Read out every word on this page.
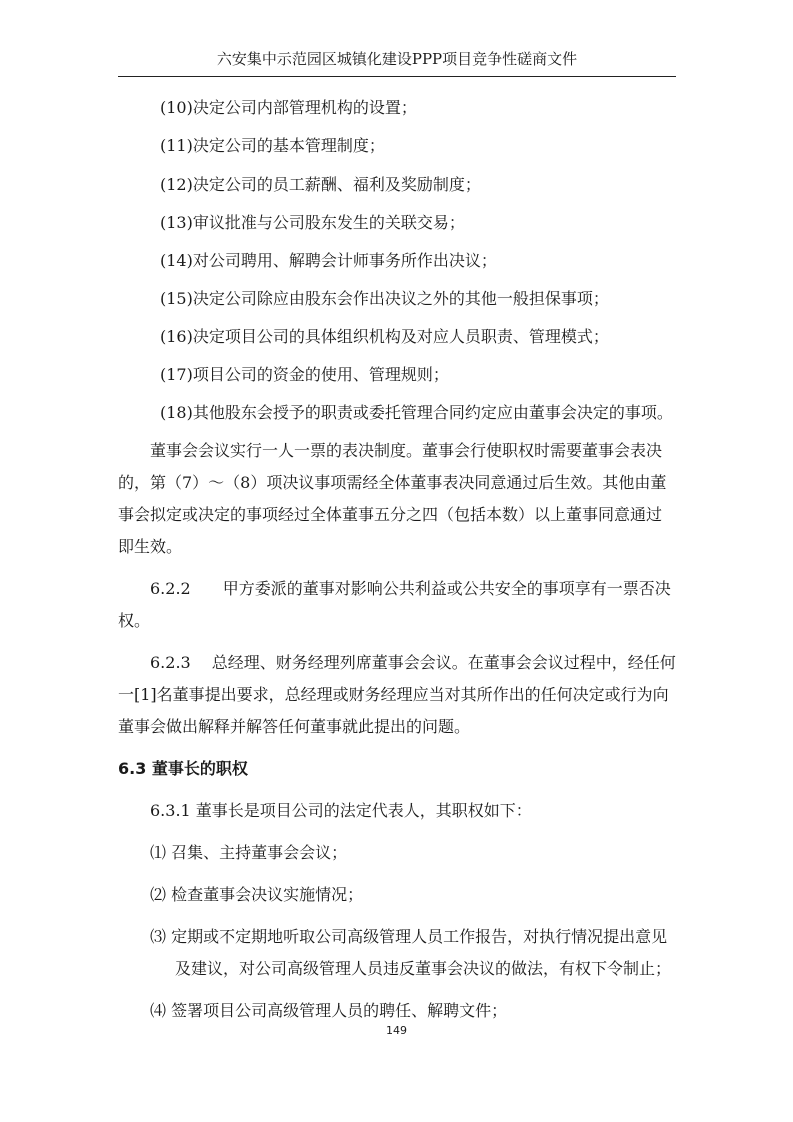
六安集中示范园区城镇化建设PPP项目竞争性磋商文件
(10)决定公司内部管理机构的设置；
(11)决定公司的基本管理制度；
(12)决定公司的员工薪酬、福利及奖励制度；
(13)审议批准与公司股东发生的关联交易；
(14)对公司聘用、解聘会计师事务所作出决议；
(15)决定公司除应由股东会作出决议之外的其他一般担保事项；
(16)决定项目公司的具体组织机构及对应人员职责、管理模式；
(17)项目公司的资金的使用、管理规则；
(18)其他股东会授予的职责或委托管理合同约定应由董事会决定的事项。
董事会会议实行一人一票的表决制度。董事会行使职权时需要董事会表决
的，第（7）～（8）项决议事项需经全体董事表决同意通过后生效。其他由董
事会拟定或决定的事项经过全体董事五分之四（包括本数）以上董事同意通过
即生效。
6.2.2　　甲方委派的董事对影响公共利益或公共安全的事项享有一票否决
权。
6.2.3　 总经理、财务经理列席董事会会议。在董事会会议过程中，经任何
一[1]名董事提出要求，总经理或财务经理应当对其所作出的任何决定或行为向
董事会做出解释并解答任何董事就此提出的问题。
6.3 董事长的职权
6.3.1 董事长是项目公司的法定代表人，其职权如下：
⑴ 召集、主持董事会会议；
⑵ 检查董事会决议实施情况；
⑶ 定期或不定期地听取公司高级管理人员工作报告，对执行情况提出意见
及建议，对公司高级管理人员违反董事会决议的做法，有权下令制止；
⑷ 签署项目公司高级管理人员的聘任、解聘文件；
149
